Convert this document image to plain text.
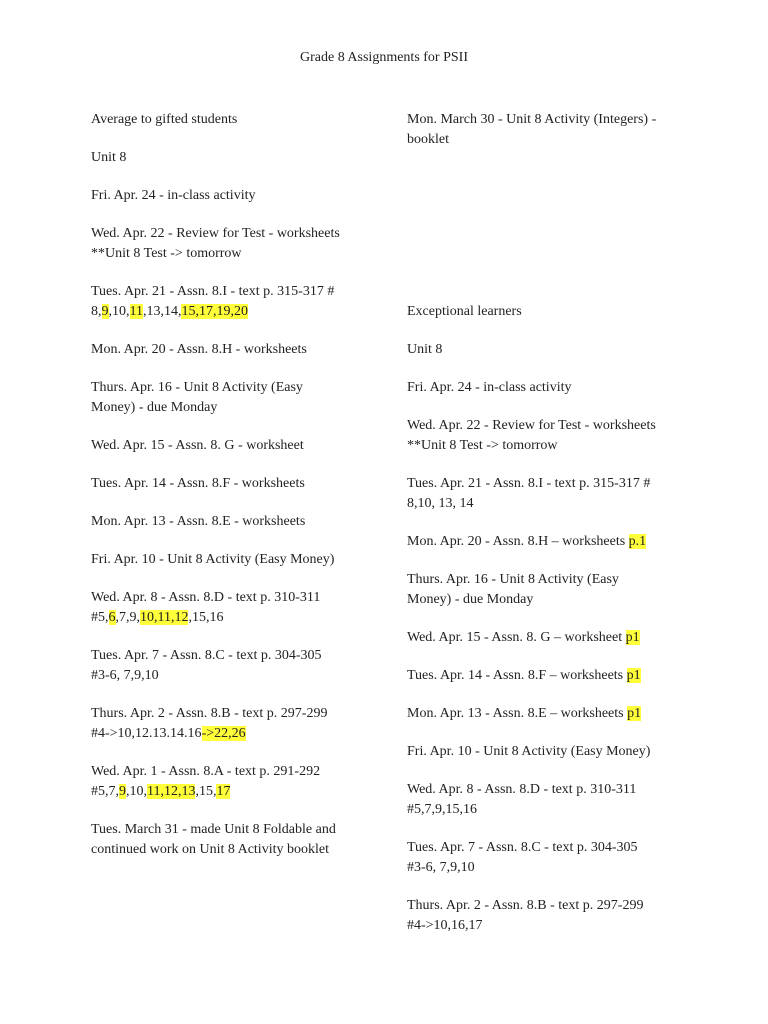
Grade 8 Assignments for PSII
Average to gifted students
Unit 8
Fri. Apr. 24 - in-class activity
Wed. Apr. 22 - Review for Test - worksheets
**Unit 8 Test -> tomorrow
Tues. Apr. 21 - Assn. 8.I - text p. 315-317 #
8,9,10,11,13,14,15,17,19,20
Mon. Apr. 20 - Assn. 8.H - worksheets
Thurs. Apr. 16 - Unit 8 Activity (Easy
Money) - due Monday
Wed. Apr. 15 - Assn. 8. G - worksheet
Tues. Apr. 14 - Assn. 8.F - worksheets
Mon. Apr. 13 - Assn. 8.E - worksheets
Fri. Apr. 10 - Unit 8 Activity (Easy Money)
Wed. Apr. 8 - Assn. 8.D - text p. 310-311
#5,6,7,9,10,11,12,15,16
Tues. Apr. 7 - Assn. 8.C - text p. 304-305
#3-6, 7,9,10
Thurs. Apr. 2 - Assn. 8.B - text p. 297-299
#4->10,12.13.14.16->22,26
Wed. Apr. 1 - Assn. 8.A - text p. 291-292
#5,7,9,10,11,12,13,15,17
Tues. March 31 - made Unit 8 Foldable and
continued work on Unit 8 Activity booklet
Mon. March 30 - Unit 8 Activity (Integers) -
booklet
Exceptional learners
Unit 8
Fri. Apr. 24 - in-class activity
Wed. Apr. 22 - Review for Test - worksheets
**Unit 8 Test -> tomorrow
Tues. Apr. 21 - Assn. 8.I - text p. 315-317 #
8,10, 13, 14
Mon. Apr. 20 - Assn. 8.H – worksheets p.1
Thurs. Apr. 16 - Unit 8 Activity (Easy
Money) - due Monday
Wed. Apr. 15 - Assn. 8. G – worksheet p1
Tues. Apr. 14 - Assn. 8.F – worksheets p1
Mon. Apr. 13 - Assn. 8.E – worksheets p1
Fri. Apr. 10 - Unit 8 Activity (Easy Money)
Wed. Apr. 8 - Assn. 8.D - text p. 310-311
#5,7,9,15,16
Tues. Apr. 7 - Assn. 8.C - text p. 304-305
#3-6, 7,9,10
Thurs. Apr. 2 - Assn. 8.B - text p. 297-299
#4->10,16,17
